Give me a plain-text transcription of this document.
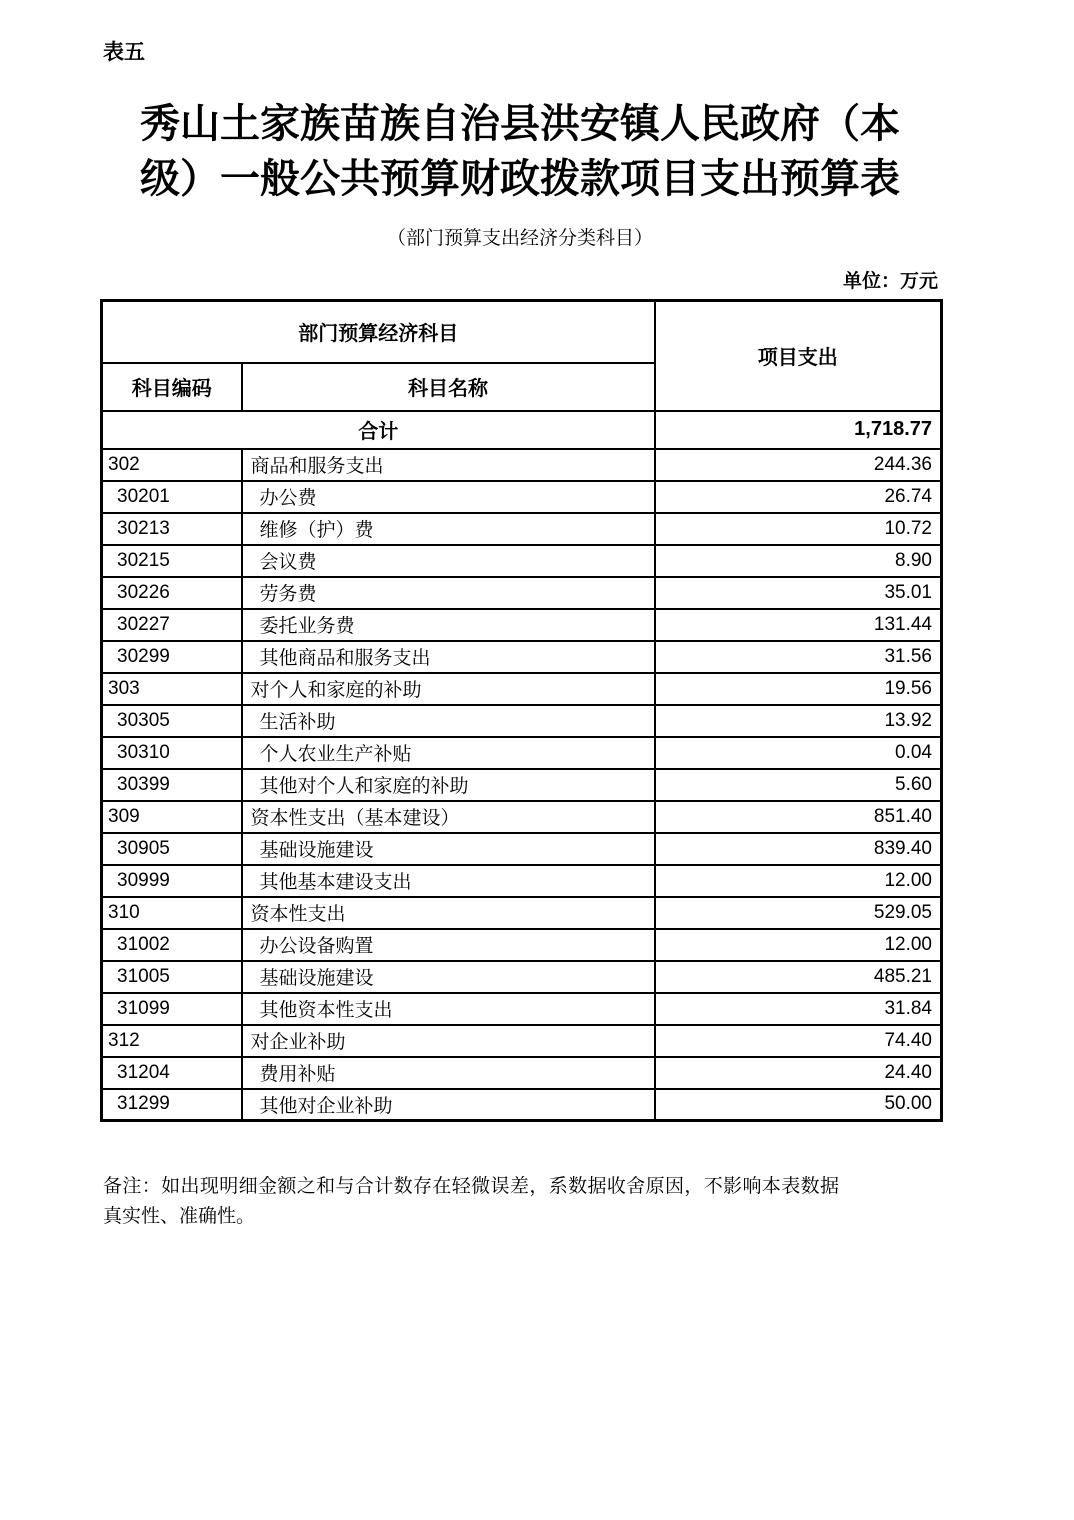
表五
秀山土家族苗族自治县洪安镇人民政府（本级）一般公共预算财政拨款项目支出预算表
（部门预算支出经济分类科目）
单位：万元
部门预算经济科目		项目支出
科目编码	科目名称	
合计		1,718.77
302	商品和服务支出	244.36
30201	办公费	26.74
30213	维修（护）费	10.72
30215	会议费	8.90
30226	劳务费	35.01
30227	委托业务费	131.44
30299	其他商品和服务支出	31.56
303	对个人和家庭的补助	19.56
30305	生活补助	13.92
30310	个人农业生产补贴	0.04
30399	其他对个人和家庭的补助	5.60
309	资本性支出（基本建设）	851.40
30905	基础设施建设	839.40
30999	其他基本建设支出	12.00
310	资本性支出	529.05
31002	办公设备购置	12.00
31005	基础设施建设	485.21
31099	其他资本性支出	31.84
312	对企业补助	74.40
31204	费用补贴	24.40
31299	其他对企业补助	50.00
备注：如出现明细金额之和与合计数存在轻微误差，系数据收舍原因，不影响本表数据真实性、准确性。
